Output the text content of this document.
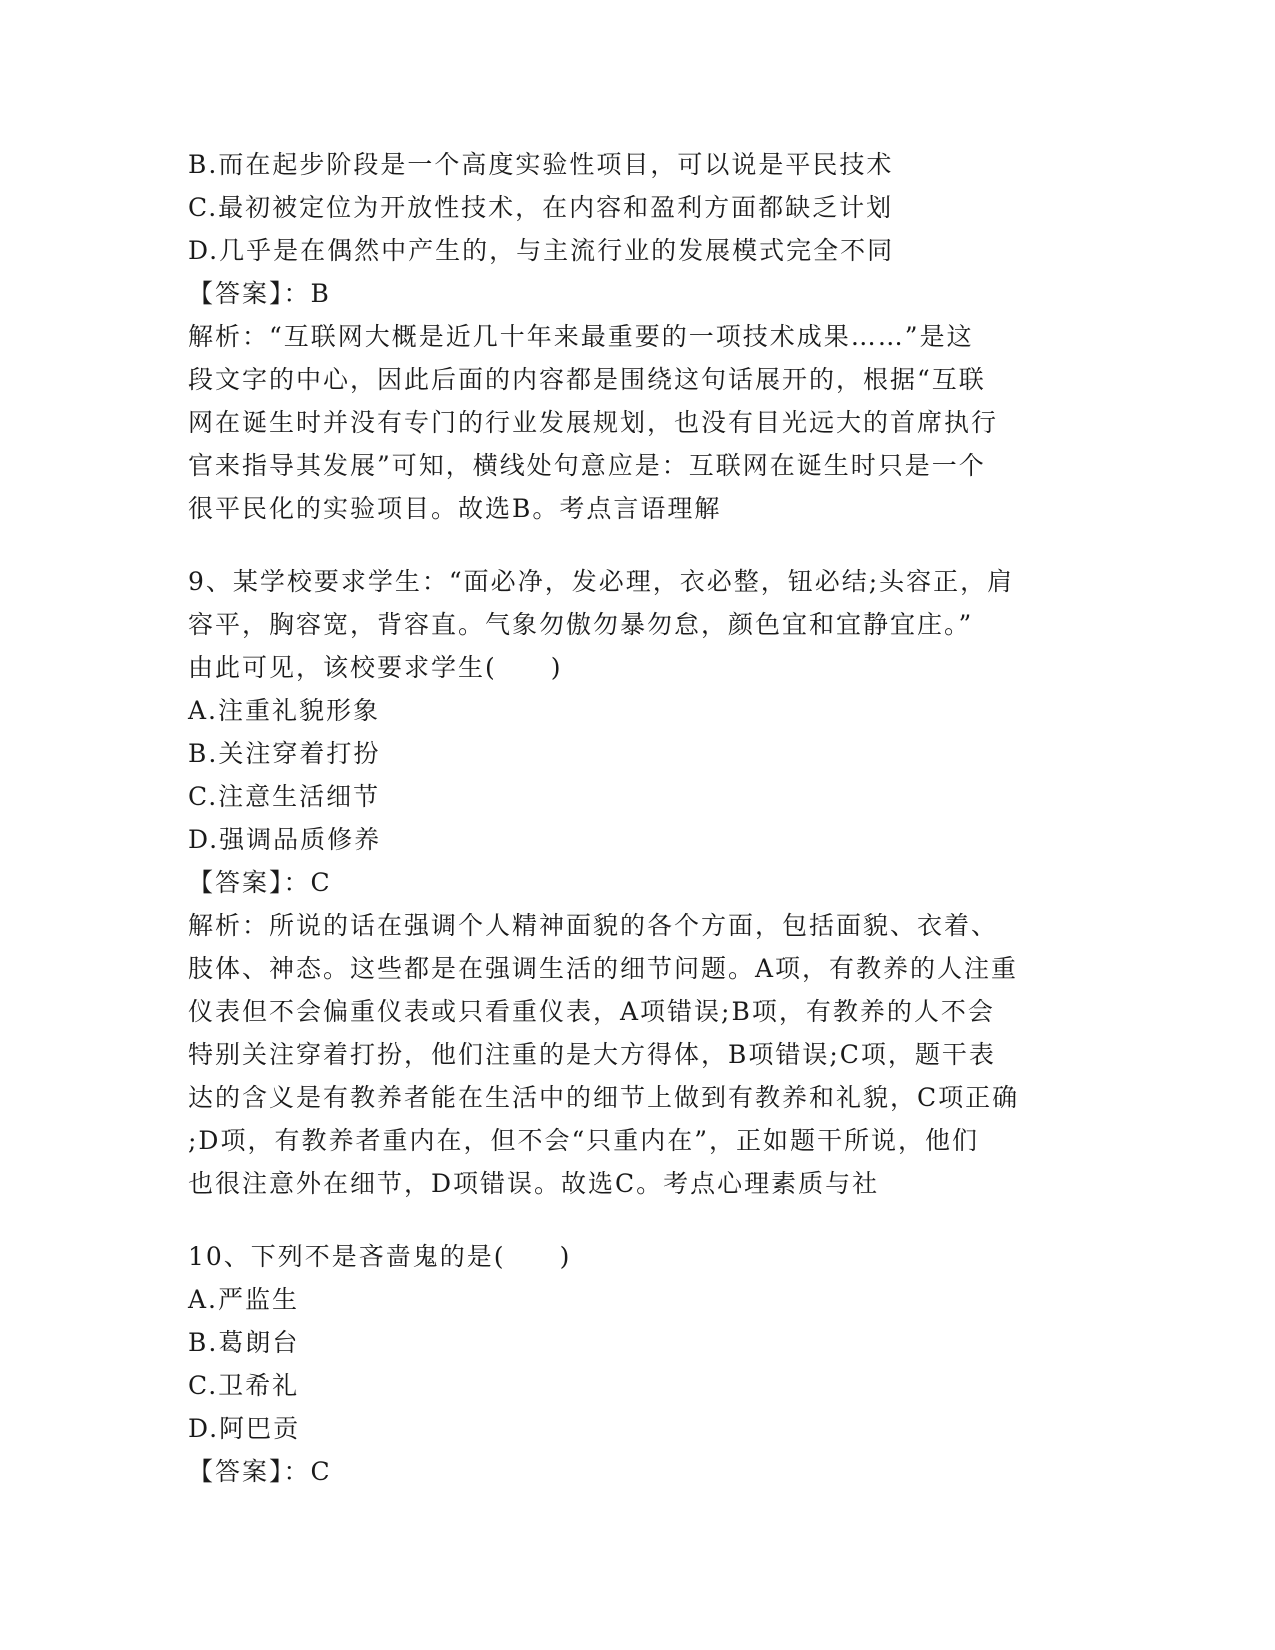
B.而在起步阶段是一个高度实验性项目，可以说是平民技术
C.最初被定位为开放性技术，在内容和盈利方面都缺乏计划
D.几乎是在偶然中产生的，与主流行业的发展模式完全不同
【答案】：B
解析：“互联网大概是近几十年来最重要的一项技术成果……”是这
段文字的中心，因此后面的内容都是围绕这句话展开的，根据“互联
网在诞生时并没有专门的行业发展规划，也没有目光远大的首席执行
官来指导其发展”可知，横线处句意应是：互联网在诞生时只是一个
很平民化的实验项目。故选B。考点言语理解
9、某学校要求学生：“面必净，发必理，衣必整，钮必结;头容正，肩
容平，胸容宽，背容直。气象勿傲勿暴勿怠，颜色宜和宜静宜庄。”
由此可见，该校要求学生(　　)
A.注重礼貌形象
B.关注穿着打扮
C.注意生活细节
D.强调品质修养
【答案】：C
解析：所说的话在强调个人精神面貌的各个方面，包括面貌、衣着、
肢体、神态。这些都是在强调生活的细节问题。A项，有教养的人注重
仪表但不会偏重仪表或只看重仪表，A项错误;B项，有教养的人不会
特别关注穿着打扮，他们注重的是大方得体，B项错误;C项，题干表
达的含义是有教养者能在生活中的细节上做到有教养和礼貌，C项正确
;D项，有教养者重内在，但不会“只重内在”，正如题干所说，他们
也很注意外在细节，D项错误。故选C。考点心理素质与社
10、下列不是吝啬鬼的是(　　)
A.严监生
B.葛朗台
C.卫希礼
D.阿巴贡
【答案】：C
